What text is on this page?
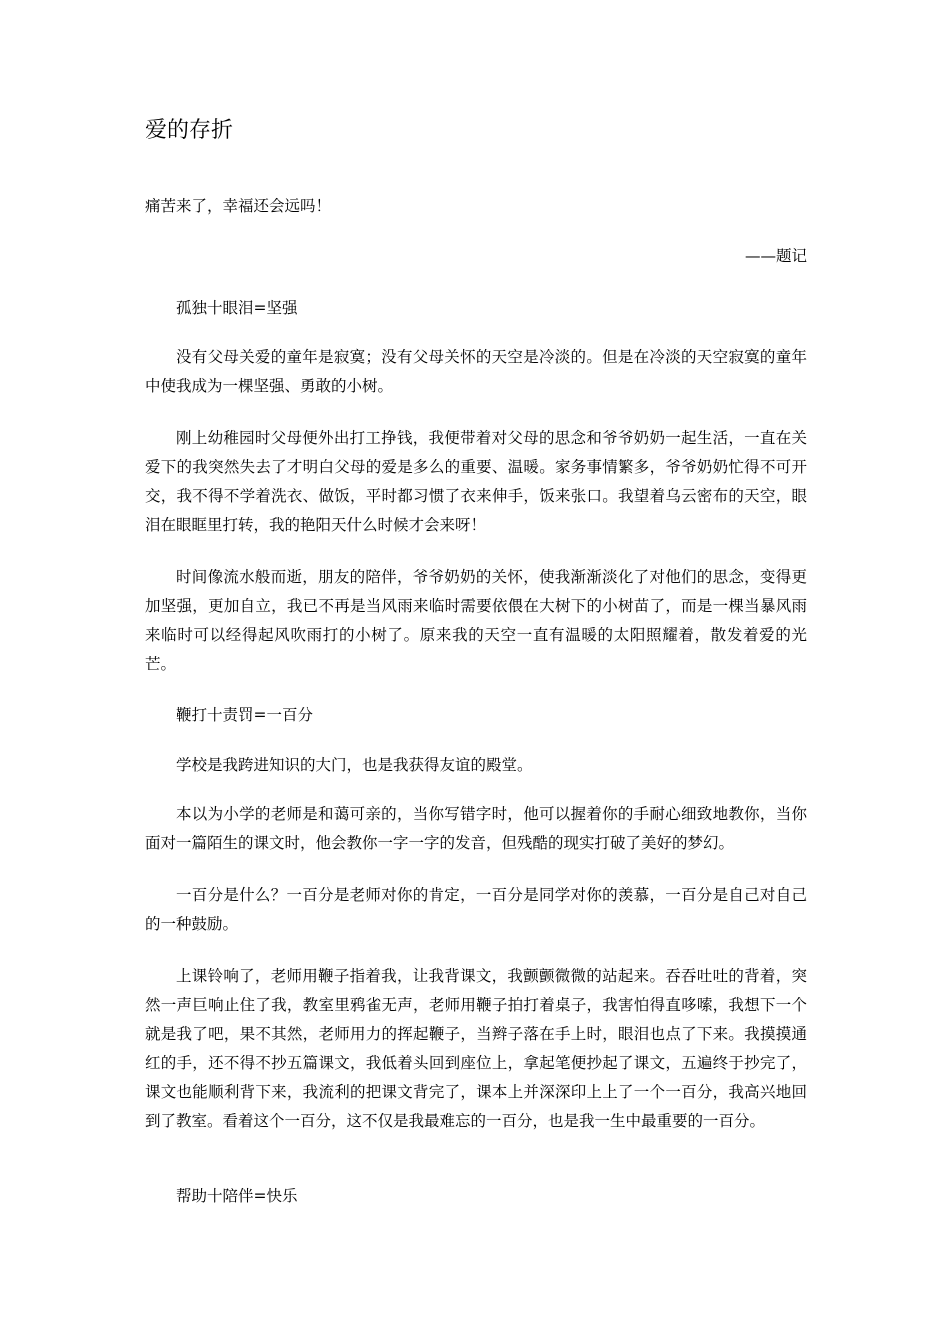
爱的存折
痛苦来了，幸福还会远吗！
——题记
孤独十眼泪=坚强
没有父母关爱的童年是寂寞；没有父母关怀的天空是冷淡的。但是在冷淡的天空寂寞的童年中使我成为一棵坚强、勇敢的小树。
刚上幼稚园时父母便外出打工挣钱，我便带着对父母的思念和爷爷奶奶一起生活，一直在关爱下的我突然失去了才明白父母的爱是多么的重要、温暖。家务事情繁多，爷爷奶奶忙得不可开交，我不得不学着洗衣、做饭，平时都习惯了衣来伸手，饭来张口。我望着乌云密布的天空，眼泪在眼眶里打转，我的艳阳天什么时候才会来呀！
时间像流水般而逝，朋友的陪伴，爷爷奶奶的关怀，使我渐渐淡化了对他们的思念，变得更加坚强，更加自立，我已不再是当风雨来临时需要依偎在大树下的小树苗了，而是一棵当暴风雨来临时可以经得起风吹雨打的小树了。原来我的天空一直有温暖的太阳照耀着，散发着爱的光芒。
鞭打十责罚=一百分
学校是我跨进知识的大门，也是我获得友谊的殿堂。
本以为小学的老师是和蔼可亲的，当你写错字时，他可以握着你的手耐心细致地教你，当你面对一篇陌生的课文时，他会教你一字一字的发音，但残酷的现实打破了美好的梦幻。
一百分是什么？一百分是老师对你的肯定，一百分是同学对你的羡慕，一百分是自己对自己的一种鼓励。
上课铃响了，老师用鞭子指着我，让我背课文，我颤颤微微的站起来。吞吞吐吐的背着，突然一声巨响止住了我，教室里鸦雀无声，老师用鞭子拍打着桌子，我害怕得直哆嗦，我想下一个就是我了吧，果不其然，老师用力的挥起鞭子，当辫子落在手上时，眼泪也点了下来。我摸摸通红的手，还不得不抄五篇课文，我低着头回到座位上，拿起笔便抄起了课文，五遍终于抄完了，课文也能顺利背下来，我流利的把课文背完了，课本上并深深印上上了一个一百分，我高兴地回到了教室。看着这个一百分，这不仅是我最难忘的一百分，也是我一生中最重要的一百分。
帮助十陪伴=快乐
